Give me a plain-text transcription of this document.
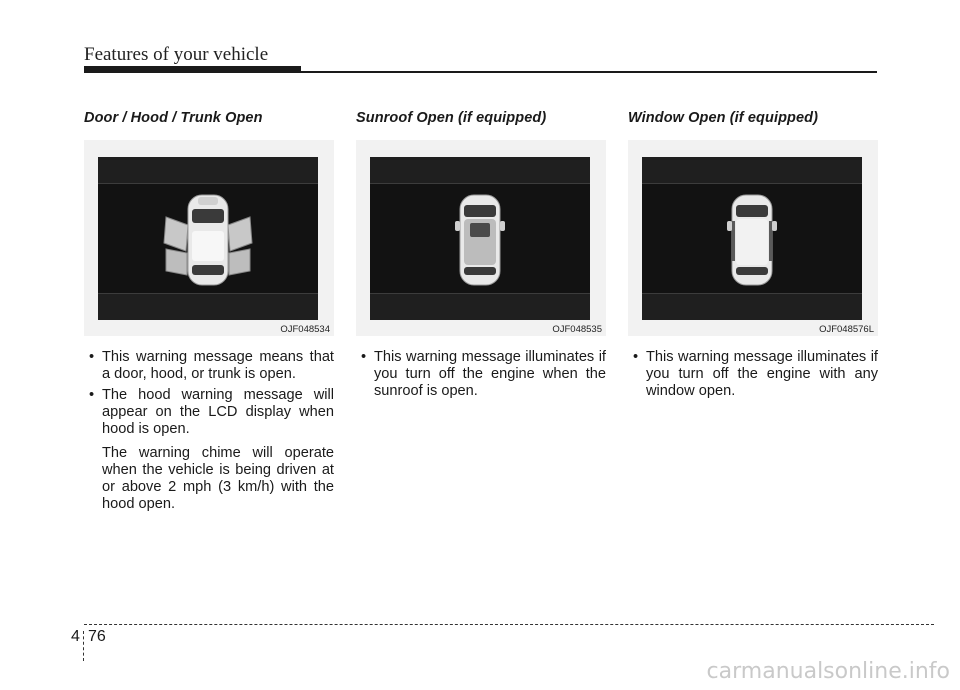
Features of your vehicle
Door / Hood / Trunk Open
OJF048534
• This warning message means that a door, hood, or trunk is open.
• The hood warning message will appear on the LCD display when hood is open.

The warning chime will operate when the vehicle is being driven at or above 2 mph (3 km/h) with the hood open.

Sunroof Open (if equipped)
OJF048535
• This warning message illuminates if you turn off the engine when the sunroof is open.
Window Open (if equipped)
OJF048576L
• This warning message illuminates if you turn off the engine with any window open.
4 76
carmanualsonline.info
